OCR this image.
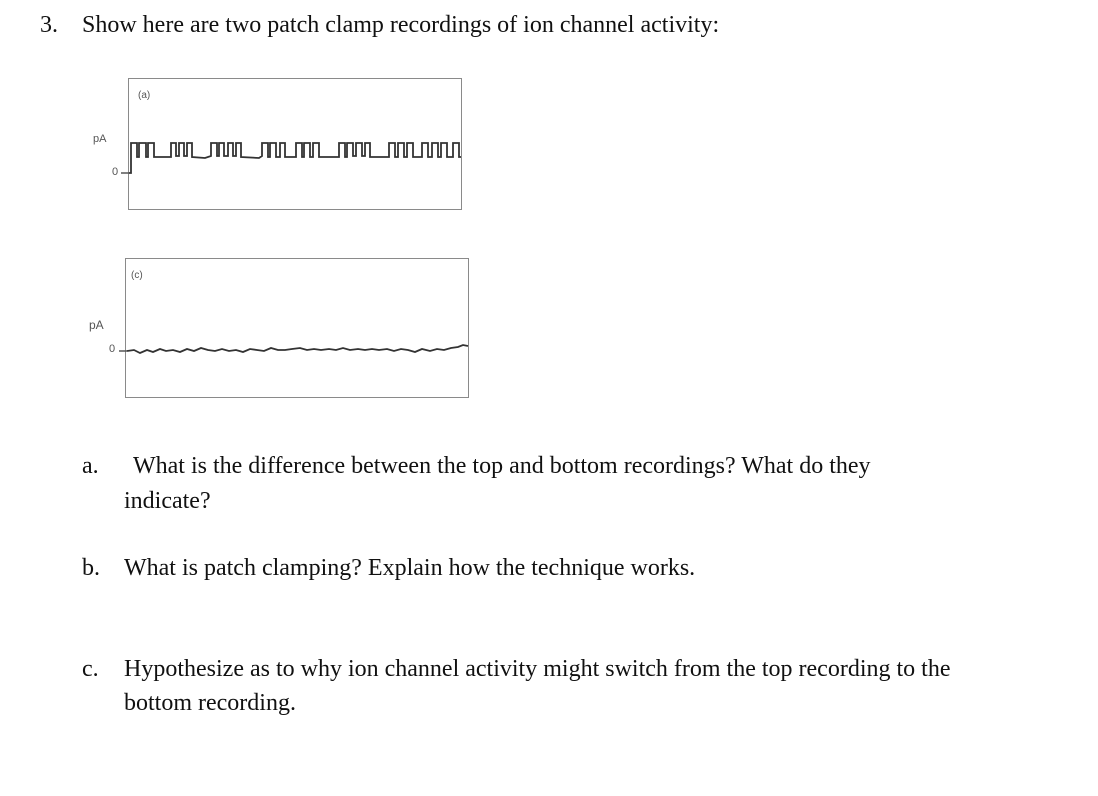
3. Show here are two patch clamp recordings of ion channel activity:
(a)
pA
0
(c)
pA
0
a. What is the difference between the top and bottom recordings? What do they
indicate?
b. What is patch clamping? Explain how the technique works.
c. Hypothesize as to why ion channel activity might switch from the top recording to the
bottom recording.
